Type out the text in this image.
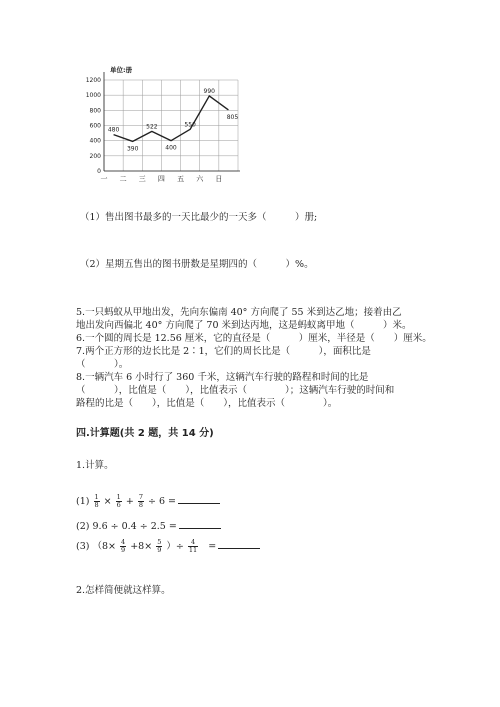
单位:册
0
200
400
600
800
1000
1200
一 二 三 四 五 六 日
480
390
522
400
550
990
805
（1）售出图书最多的一天比最少的一天多（　　　）册;
（2）星期五售出的图书册数是星期四的（　　　）%。
5.一只蚂蚁从甲地出发，先向东偏南 40° 方向爬了 55 米到达乙地；接着由乙
地出发向西偏北 40° 方向爬了 70 米到达丙地，这是蚂蚁离甲地（　　　）米。
6.一个圆的周长是 12.56 厘米，它的直径是（　　　）厘米，半径是（　　）厘米。
7.两个正方形的边长比是 2∶1，它们的周长比是（　　　），面积比是
（　　　）。
8.一辆汽车 6 小时行了 360 千米，这辆汽车行驶的路程和时间的比是
（　　　），比值是（　　），比值表示（　　　　）；这辆汽车行驶的时间和
路程的比是（　　），比值是（　　），比值表示（　　　　）。
四.计算题(共 2 题，共 14 分)
1.计算。
$(1) \frac{1}{8} \times \frac{1}{6} + \frac{7}{8} \div 6$ =
(2) 9.6 ÷ 0.4 ÷ 2.5 =
(3) （$8\times \frac{4}{9} +8\times \frac{5}{9}$ ）÷ $\frac{4}{11}$ =
2.怎样简便就这样算。
